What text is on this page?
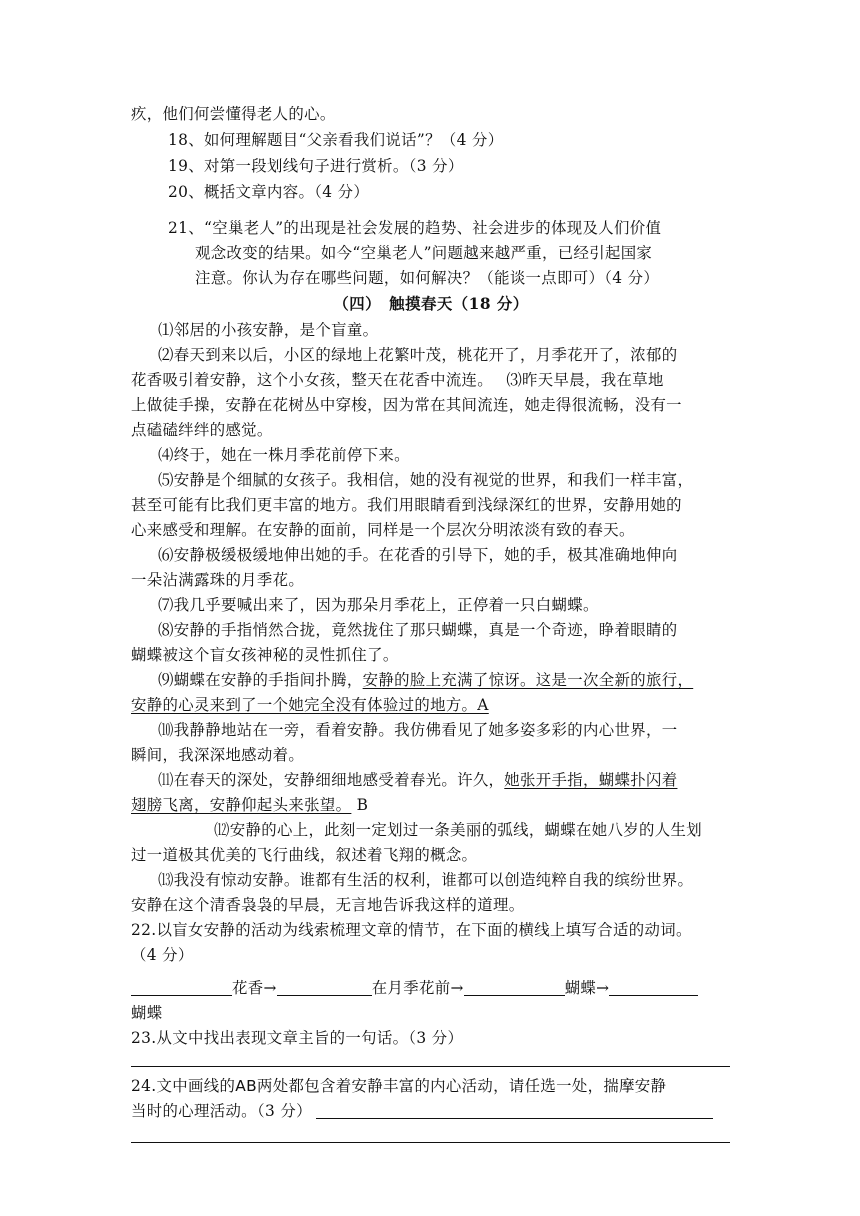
疚，他们何尝懂得老人的心。
18、如何理解题目“父亲看我们说话”？（4 分）
19、对第一段划线句子进行赏析。（3 分）
20、概括文章内容。（4 分）
21、“空巢老人”的出现是社会发展的趋势、社会进步的体现及人们价值
观念改变的结果。如今“空巢老人”问题越来越严重，已经引起国家
注意。你认为存在哪些问题，如何解决？（能谈一点即可）（4 分）
（四）　触摸春天（18 分）
⑴邻居的小孩安静，是个盲童。
⑵春天到来以后，小区的绿地上花繁叶茂，桃花开了，月季花开了，浓郁的
花香吸引着安静，这个小女孩，整天在花香中流连。　 ⑶昨天早晨，我在草地
上做徒手操，安静在花树丛中穿梭，因为常在其间流连，她走得很流畅，没有一
点磕磕绊绊的感觉。
⑷终于，她在一株月季花前停下来。
⑸安静是个细腻的女孩子。我相信，她的没有视觉的世界，和我们一样丰富，
甚至可能有比我们更丰富的地方。我们用眼睛看到浅绿深红的世界，安静用她的
心来感受和理解。在安静的面前，同样是一个层次分明浓淡有致的春天。
⑹安静极缓极缓地伸出她的手。在花香的引导下，她的手，极其准确地伸向
一朵沾满露珠的月季花。
⑺我几乎要喊出来了，因为那朵月季花上，正停着一只白蝴蝶。
⑻安静的手指悄然合拢，竟然拢住了那只蝴蝶，真是一个奇迹，睁着眼睛的
蝴蝶被这个盲女孩神秘的灵性抓住了。
⑼蝴蝶在安静的手指间扑腾，安静的脸上充满了惊讶。这是一次全新的旅行，
安静的心灵来到了一个她完全没有体验过的地方。A
⑽我静静地站在一旁，看着安静。我仿佛看见了她多姿多彩的内心世界，一
瞬间，我深深地感动着。
⑾在春天的深处，安静细细地感受着春光。许久，她张开手指，蝴蝶扑闪着
翅膀飞离，安静仰起头来张望。 B
⑿安静的心上，此刻一定划过一条美丽的弧线，蝴蝶在她八岁的人生划
过一道极其优美的飞行曲线，叙述着飞翔的概念。
⒀我没有惊动安静。谁都有生活的权利，谁都可以创造纯粹自我的缤纷世界。
安静在这个清香袅袅的早晨，无言地告诉我这样的道理。
22.以盲女安静的活动为线索梳理文章的情节，在下面的横线上填写合适的动词。
（4 分）
花香→	在月季花前→	蝴蝶→
蝴蝶
23.从文中找出表现文章主旨的一句话。（3 分）
24.文中画线的AB两处都包含着安静丰富的内心活动，请任选一处，揣摩安静
当时的心理活动。（3 分）
